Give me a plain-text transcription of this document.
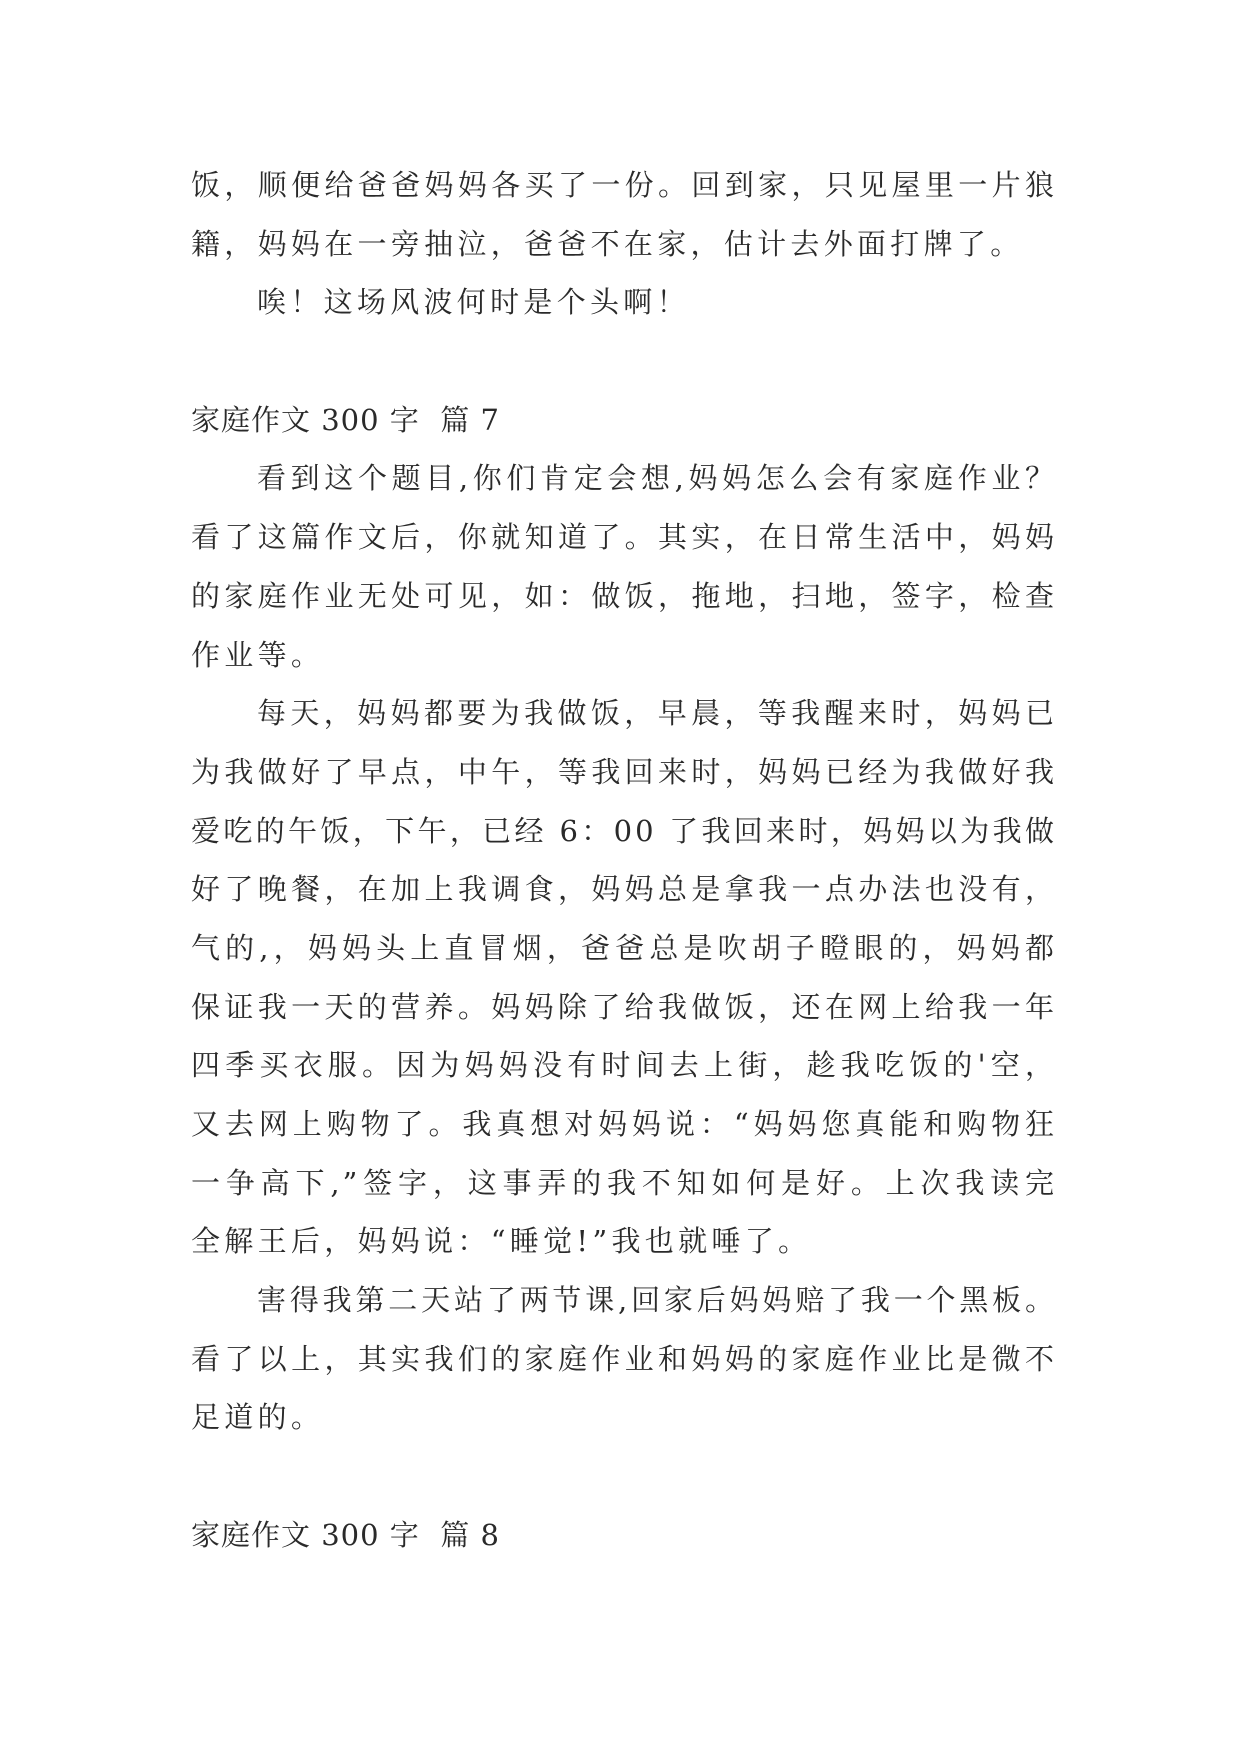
饭，顺便给爸爸妈妈各买了一份。回到家，只见屋里一片狼
籍，妈妈在一旁抽泣，爸爸不在家，估计去外面打牌了。
唉！这场风波何时是个头啊！
家庭作文 300 字  篇 7
看到这个题目,你们肯定会想,妈妈怎么会有家庭作业？
看了这篇作文后，你就知道了。其实，在日常生活中，妈妈
的家庭作业无处可见，如：做饭，拖地，扫地，签字，检查
作业等。
每天，妈妈都要为我做饭，早晨，等我醒来时，妈妈已
为我做好了早点，中午，等我回来时，妈妈已经为我做好我
爱吃的午饭，下午，已经 6：00 了我回来时，妈妈以为我做
好了晚餐，在加上我调食，妈妈总是拿我一点办法也没有，
气的,，妈妈头上直冒烟，爸爸总是吹胡子瞪眼的，妈妈都
保证我一天的营养。妈妈除了给我做饭，还在网上给我一年
四季买衣服。因为妈妈没有时间去上街，趁我吃饭的'空，
又去网上购物了。我真想对妈妈说：“妈妈您真能和购物狂
一争高下,”签字，这事弄的我不知如何是好。上次我读完
全解王后，妈妈说：“睡觉!”我也就唾了。
害得我第二天站了两节课,回家后妈妈赔了我一个黑板。
看了以上，其实我们的家庭作业和妈妈的家庭作业比是微不
足道的。
家庭作文 300 字  篇 8
